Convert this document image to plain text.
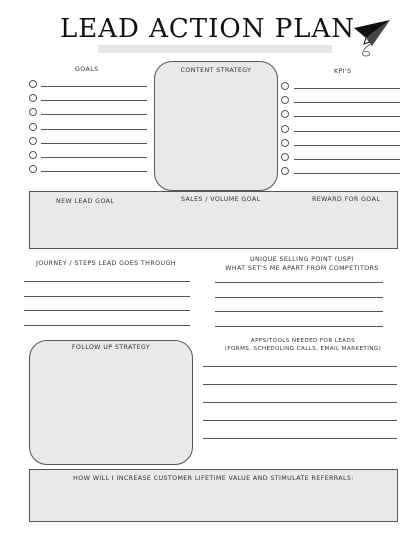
LEAD ACTION PLAN
GOALS	CONTENT STRATEGY	KPI'S
NEW LEAD GOAL	SALES / VOLUME GOAL	REWARD FOR GOAL
JOURNEY / STEPS LEAD GOES THROUGH
UNIQUE SELLING POINT (USP)
WHAT SET'S ME APART FROM COMPETITORS
FOLLOW UP STRATEGY
APPS/TOOLS NEEDED FOR LEADS
(FORMS, SCHEDULING CALLS, EMAIL MARKETING)
HOW WILL I INCREASE CUSTOMER LIFETIME VALUE AND STIMULATE REFERRALS:
